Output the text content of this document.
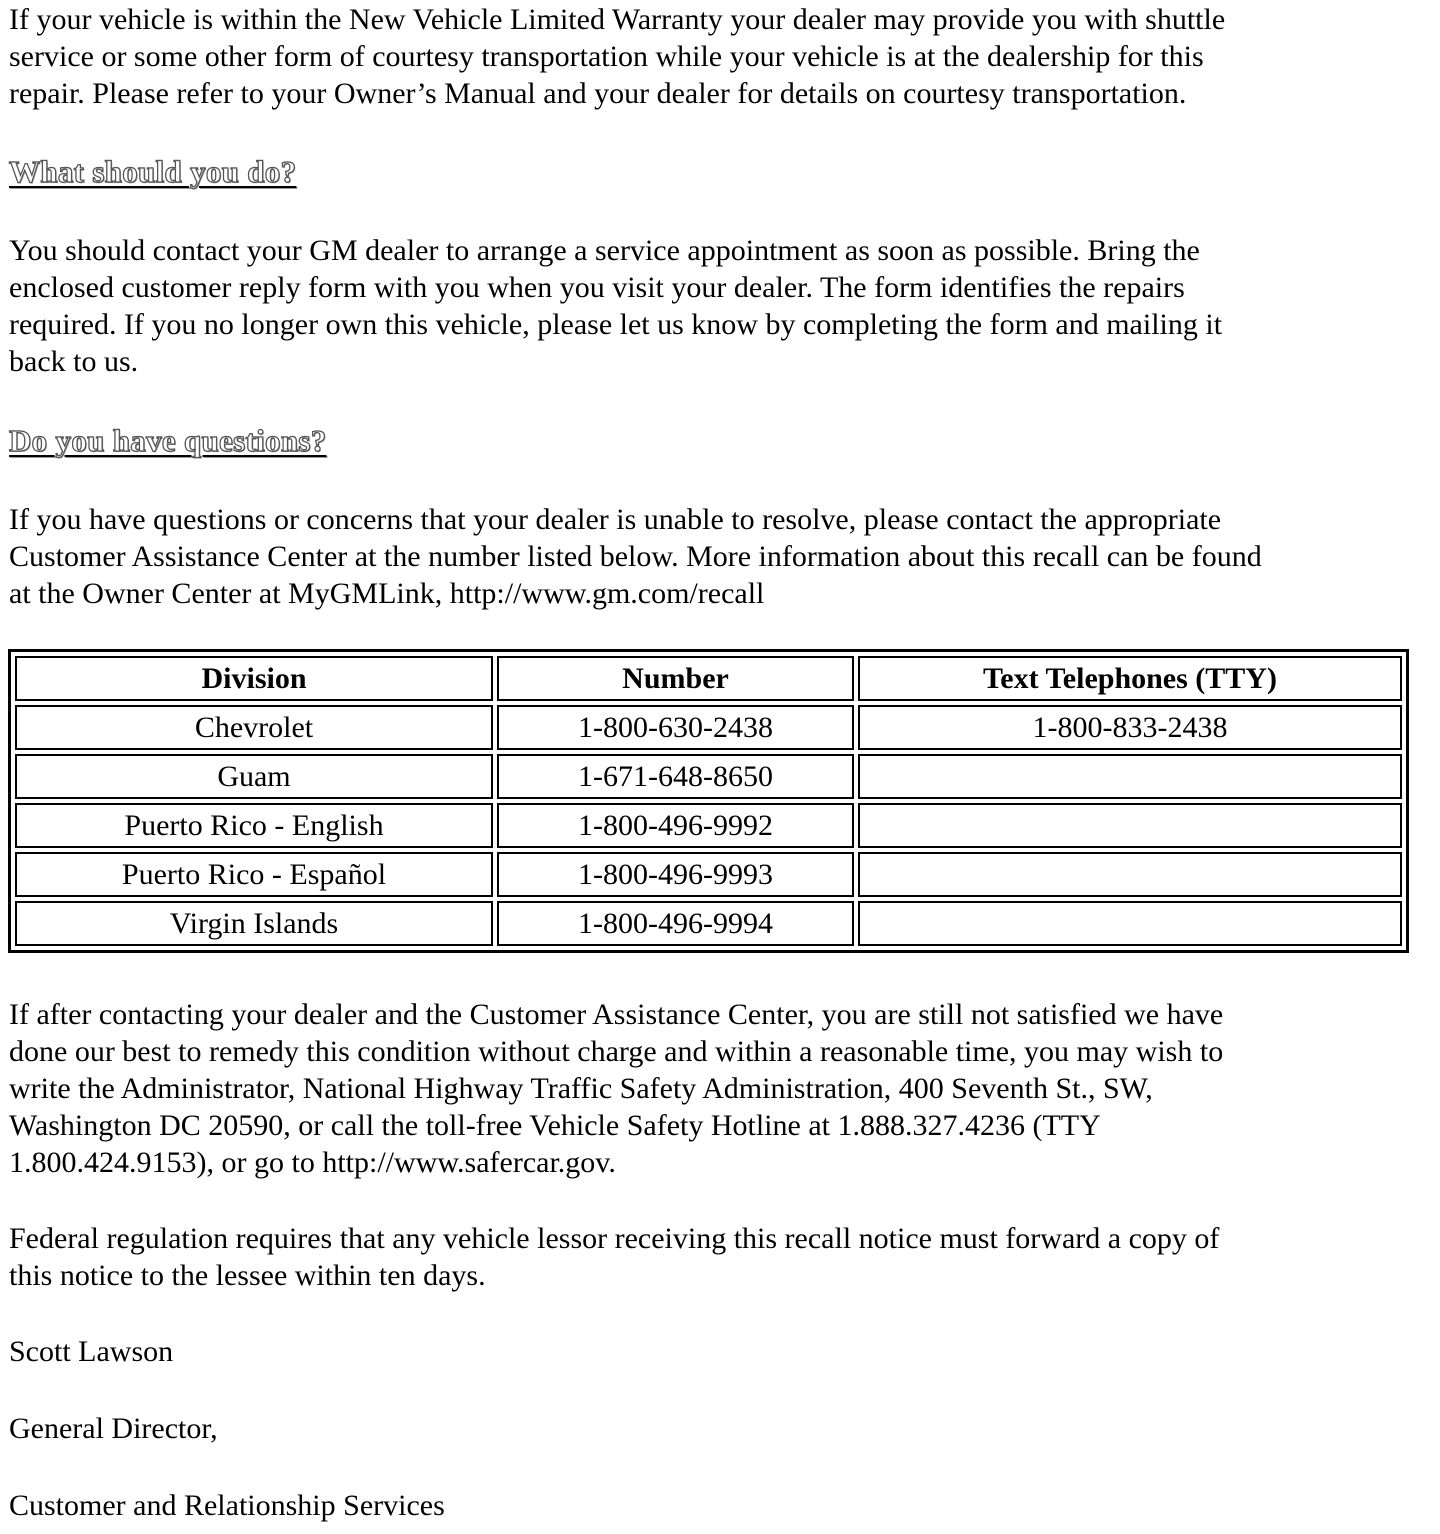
If your vehicle is within the New Vehicle Limited Warranty your dealer may provide you with shuttle
service or some other form of courtesy transportation while your vehicle is at the dealership for this
repair. Please refer to your Owner’s Manual and your dealer for details on courtesy transportation.

What should you do?

You should contact your GM dealer to arrange a service appointment as soon as possible. Bring the
enclosed customer reply form with you when you visit your dealer. The form identifies the repairs
required. If you no longer own this vehicle, please let us know by completing the form and mailing it
back to us.

Do you have questions?

If you have questions or concerns that your dealer is unable to resolve, please contact the appropriate
Customer Assistance Center at the number listed below. More information about this recall can be found
at the Owner Center at MyGMLink, http://www.gm.com/recall

Division	Number	Text Telephones (TTY)
Chevrolet	1-800-630-2438	1-800-833-2438
Guam	1-671-648-8650	
Puerto Rico - English	1-800-496-9992	
Puerto Rico - Español	1-800-496-9993	
Virgin Islands	1-800-496-9994	

If after contacting your dealer and the Customer Assistance Center, you are still not satisfied we have
done our best to remedy this condition without charge and within a reasonable time, you may wish to
write the Administrator, National Highway Traffic Safety Administration, 400 Seventh St., SW,
Washington DC 20590, or call the toll-free Vehicle Safety Hotline at 1.888.327.4236 (TTY
1.800.424.9153), or go to http://www.safercar.gov.

Federal regulation requires that any vehicle lessor receiving this recall notice must forward a copy of
this notice to the lessee within ten days.

Scott Lawson

General Director,

Customer and Relationship Services
